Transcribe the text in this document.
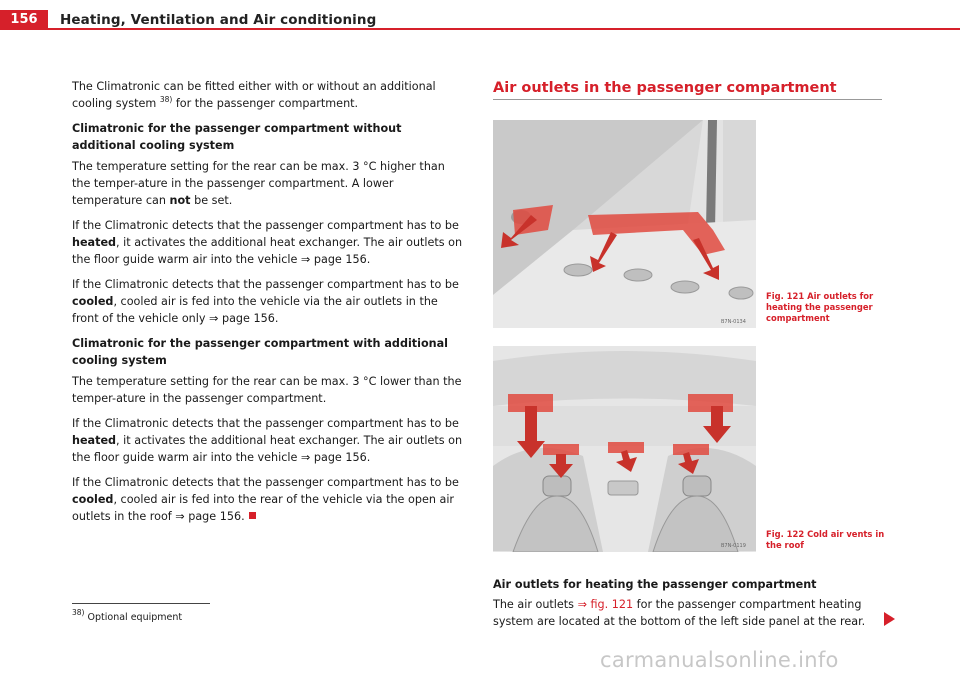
156	Heating, Ventilation and Air conditioning

The Climatronic can be fitted either with or without an additional cooling system $^{38)}$ for the passenger compartment.

Climatronic for the passenger compartment without additional cooling system

The temperature setting for the rear can be max. 3 °C higher than the temper-ature in the passenger compartment. A lower temperature can not be set.

If the Climatronic detects that the passenger compartment has to be heated, it activates the additional heat exchanger. The air outlets on the floor guide warm air into the vehicle ⇒ page 156.

If the Climatronic detects that the passenger compartment has to be cooled, cooled air is fed into the vehicle via the air outlets in the front of the vehicle only ⇒ page 156.

Climatronic for the passenger compartment with additional cooling system

The temperature setting for the rear can be max. 3 °C lower than the temper-ature in the passenger compartment.

If the Climatronic detects that the passenger compartment has to be heated, it activates the additional heat exchanger. The air outlets on the floor guide warm air into the vehicle ⇒ page 156.

If the Climatronic detects that the passenger compartment has to be cooled, cooled air is fed into the rear of the vehicle via the open air outlets in the roof ⇒ page 156.

$^{38)}$ Optional equipment
Air outlets in the passenger compartment
B7N-0134
Fig. 121 Air outlets for heating the passenger compartment
B7N-0119
Fig. 122 Cold air vents in the roof
Air outlets for heating the passenger compartment

The air outlets ⇒ fig. 121 for the passenger compartment heating system are located at the bottom of the left side panel at the rear.

carmanualsonline.info
